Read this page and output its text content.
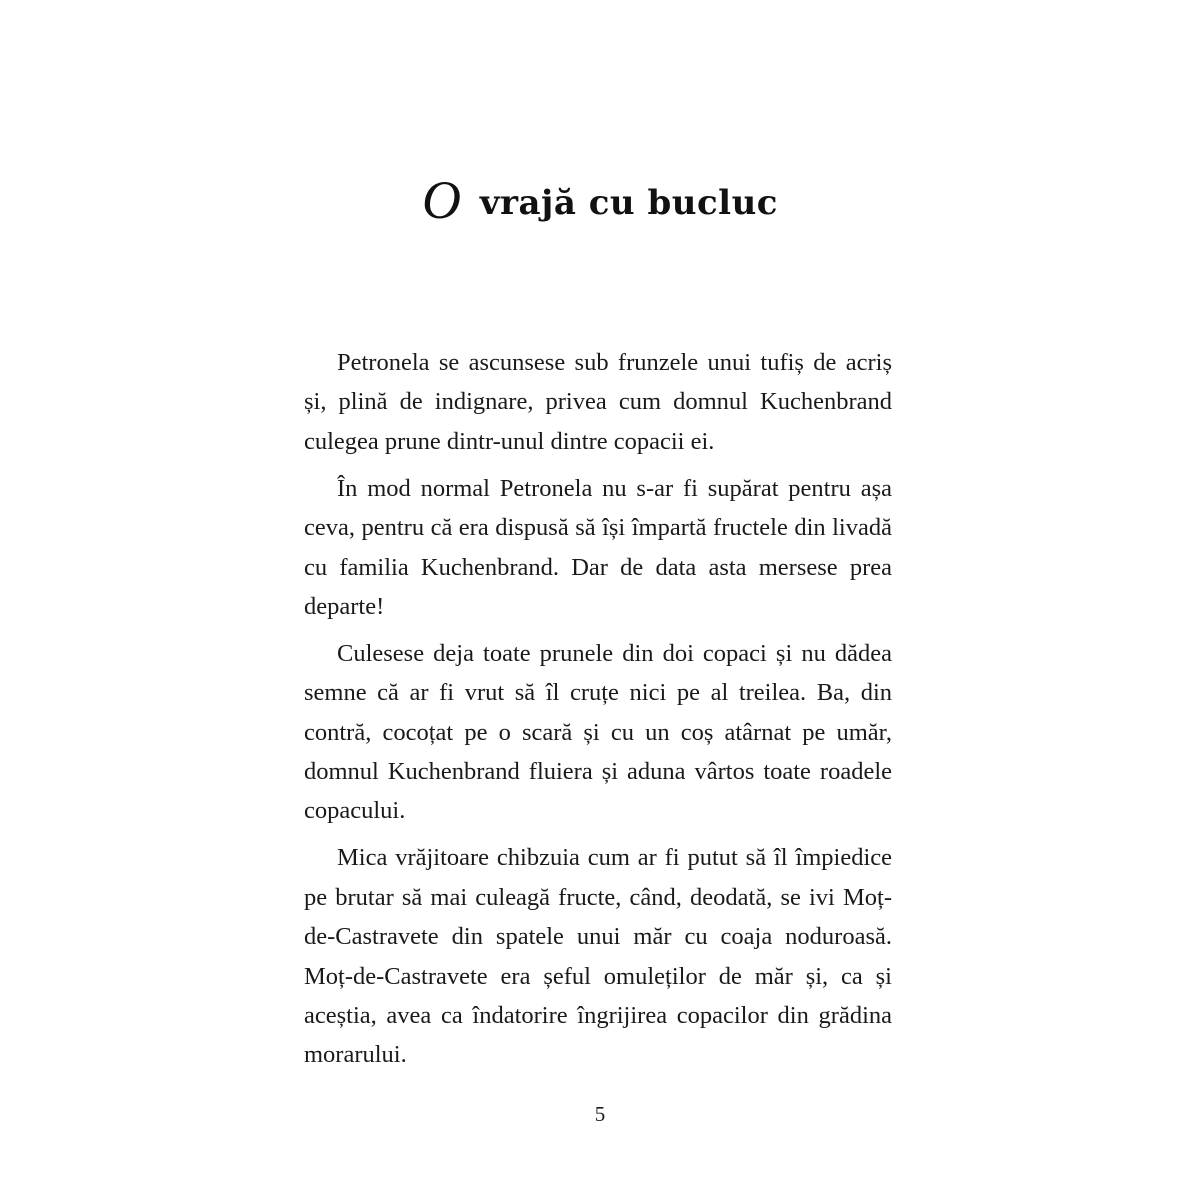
O vrajă cu bucluc

Petronela se ascunsese sub frunzele unui tufiș de acriș și, plină de indignare, privea cum domnul Kuchenbrand culegea prune dintr-unul dintre copacii ei.

În mod normal Petronela nu s-ar fi supărat pentru așa ceva, pentru că era dispusă să își împartă fructele din livadă cu familia Kuchenbrand. Dar de data asta mersese prea departe!

Culesese deja toate prunele din doi copaci și nu dădea semne că ar fi vrut să îl cruțe nici pe al treilea. Ba, din contră, cocoțat pe o scară și cu un coș atârnat pe umăr, domnul Kuchenbrand fluiera și aduna vârtos toate roadele copacului.

Mica vrăjitoare chibzuia cum ar fi putut să îl împiedice pe brutar să mai culeagă fructe, când, deodată, se ivi Moț-de-Castravete din spatele unui măr cu coaja noduroasă. Moț-de-Castravete era șeful omuleților de măr și, ca și aceștia, avea ca îndatorire îngrijirea copacilor din grădina morarului.

5
